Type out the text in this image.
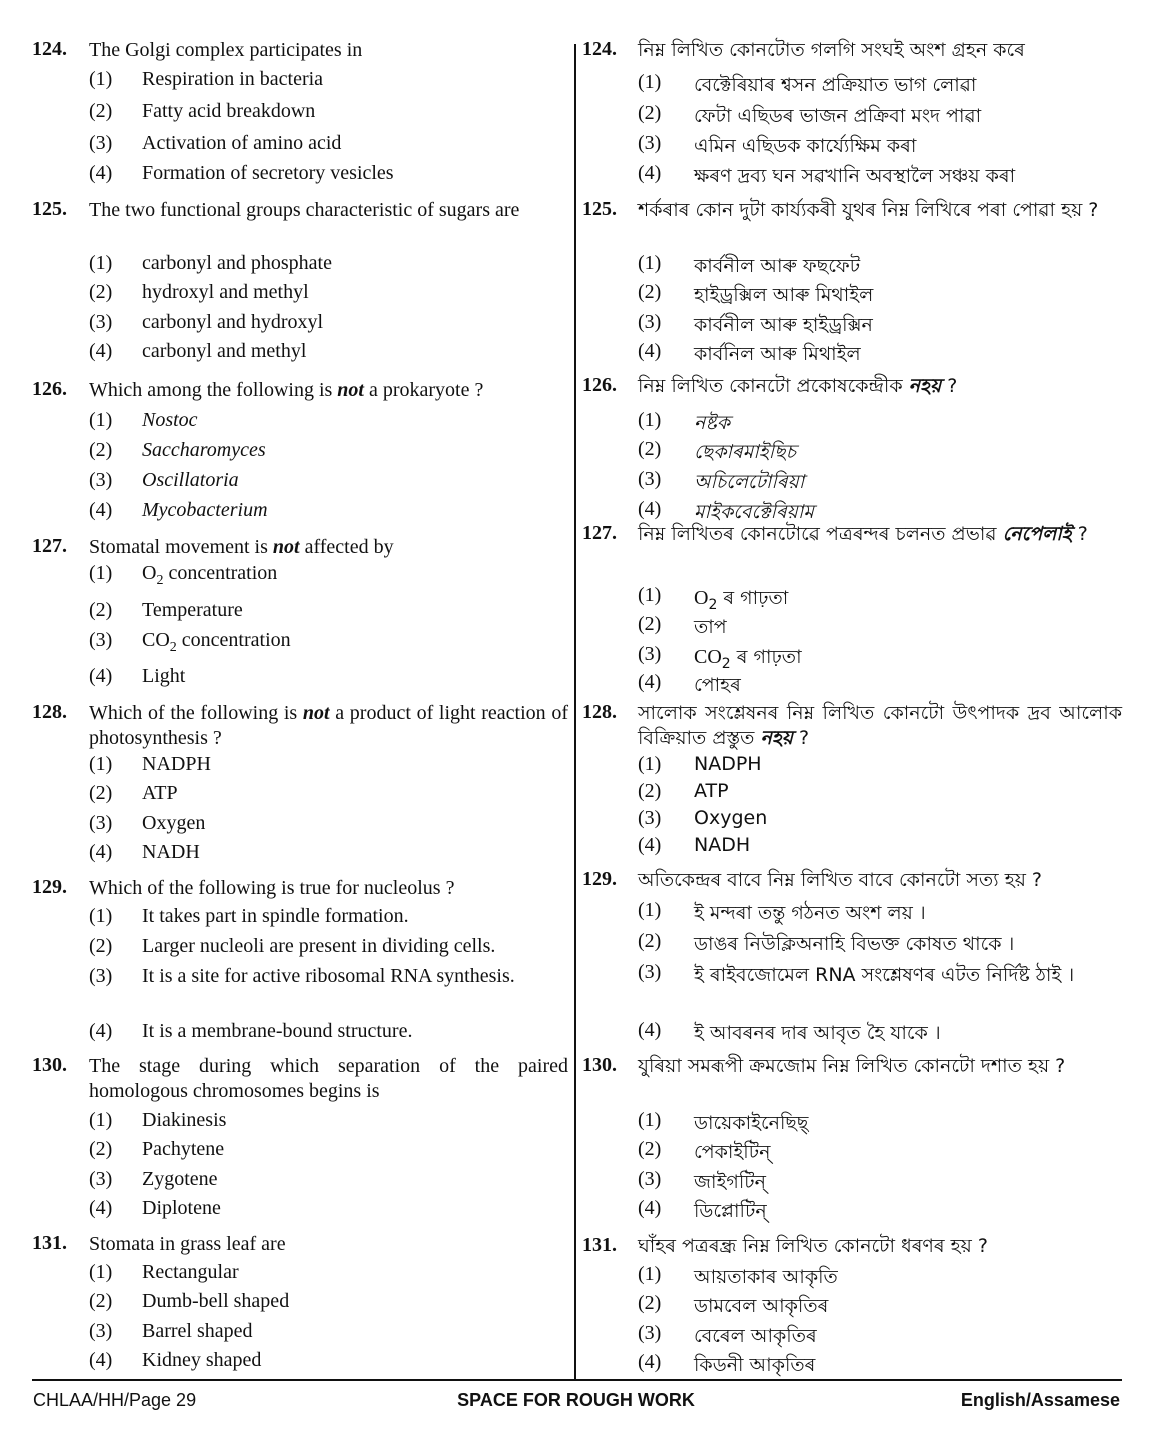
124.	The Golgi complex participates in
(1)	Respiration in bacteria
(2)	Fatty acid breakdown
(3)	Activation of amino acid
(4)	Formation of secretory vesicles
125.	The two functional groups characteristic of sugars are
(1)	carbonyl and phosphate
(2)	hydroxyl and methyl
(3)	carbonyl and hydroxyl
(4)	carbonyl and methyl
126.	Which among the following is not a prokaryote ?
(1)	Nostoc
(2)	Saccharomyces
(3)	Oscillatoria
(4)	Mycobacterium
127.	Stomatal movement is not affected by
(1)	$O_2$ concentration
(2)	Temperature
(3)	$CO_2$ concentration
(4)	Light
128.	Which of the following is not a product of light reaction of photosynthesis ?
(1)	NADPH
(2)	ATP
(3)	Oxygen
(4)	NADH
129.	Which of the following is true for nucleolus ?
(1)	It takes part in spindle formation.
(2)	Larger nucleoli are present in dividing cells.
(3)	It is a site for active ribosomal RNA synthesis.
(4)	It is a membrane-bound structure.
130.	The stage during which separation of the paired homologous chromosomes begins is
(1)	Diakinesis
(2)	Pachytene
(3)	Zygotene
(4)	Diplotene
131.	Stomata in grass leaf are
(1)	Rectangular
(2)	Dumb-bell shaped
(3)	Barrel shaped
(4)	Kidney shaped
124.	নিম্ন লিখিত কোনটোত গলগি সংঘই অংশ গ্ৰহন কৰে
(1)	বেক্টেৰিয়াৰ শ্বসন প্ৰক্ৰিয়াত ভাগ লোৱা
(2)	ফেটা এছিডৰ ভাজন প্ৰক্ৰিবা মংদ পাৱা
(3)	এমিন এছিডক কাৰ্য্যেক্ষিম কৰা
(4)	ক্ষৰণ দ্ৰব্য ঘন সৱখানি অবস্থালৈ সঞ্চয় কৰা
125.	শৰ্কৰাৰ কোন দুটা কাৰ্য্যকৰী যুথৰ নিম্ন লিখিৰে পৰা পোৱা হয় ?
(1)	কাৰ্বনীল আৰু ফছফেট
(2)	হাইড্ৰক্সিল আৰু মিথাইল
(3)	কাৰ্বনীল আৰু হাইড্ৰক্সিন
(4)	কাৰ্বনিল আৰু মিথাইল
126.	নিম্ন লিখিত কোনটো প্ৰকোষকেন্দ্ৰীক নহয় ?
(1)	নষ্টক
(2)	ছেকাৰমাইছিচ
(3)	অচিলেটোৰিয়া
(4)	মাইকবেক্টেৰিয়াম
127.	নিম্ন লিখিতৰ কোনটোৱে পত্ৰৰন্দৰ চলনত প্ৰভাৱ নেপেলাই ?
(1)	$O_2$ ৰ গাঢ়তা
(2)	তাপ
(3)	$CO_2$ ৰ গাঢ়তা
(4)	পোহৰ
128.	সালোক সংশ্লেষনৰ নিম্ন লিখিত কোনটো উৎপাদক দ্ৰব আলোক বিক্ৰিয়াত প্ৰস্তুত নহয় ?
(1)	NADPH
(2)	ATP
(3)	Oxygen
(4)	NADH
129.	অতিকেন্দ্ৰৰ বাবে নিম্ন লিখিত বাবে কোনটো সত্য হয় ?
(1)	ই মন্দৰা তন্তু গঠনত অংশ লয় ।
(2)	ডাঙৰ নিউক্লিঅনাহি বিভক্ত কোষত থাকে ।
(3)	ই ৰাইবজোমেল RNA সংশ্লেষণৰ এটত নিৰ্দিষ্ট ঠাই ।
(4)	ই আবৰনৰ দাৰ আবৃত হৈ যাকে ।
130.	যুৰিয়া সমৰূপী ক্ৰমজোম নিম্ন লিখিত কোনটো দশাত হয় ?
(1)	ডায়েকাইনেছিছ্
(2)	পেকাইটিন্
(3)	জাইগটিন্
(4)	ডিপ্লোটিন্
131.	ঘাঁহৰ পত্ৰৰন্ধ্ৰ নিম্ন লিখিত কোনটো ধৰণৰ হয় ?
(1)	আয়তাকাৰ আকৃতি
(2)	ডামবেল আকৃতিৰ
(3)	বেৰেল আকৃতিৰ
(4)	কিডনী আকৃতিৰ
CHLAA/HH/Page 29	SPACE FOR ROUGH WORK	English/Assamese
